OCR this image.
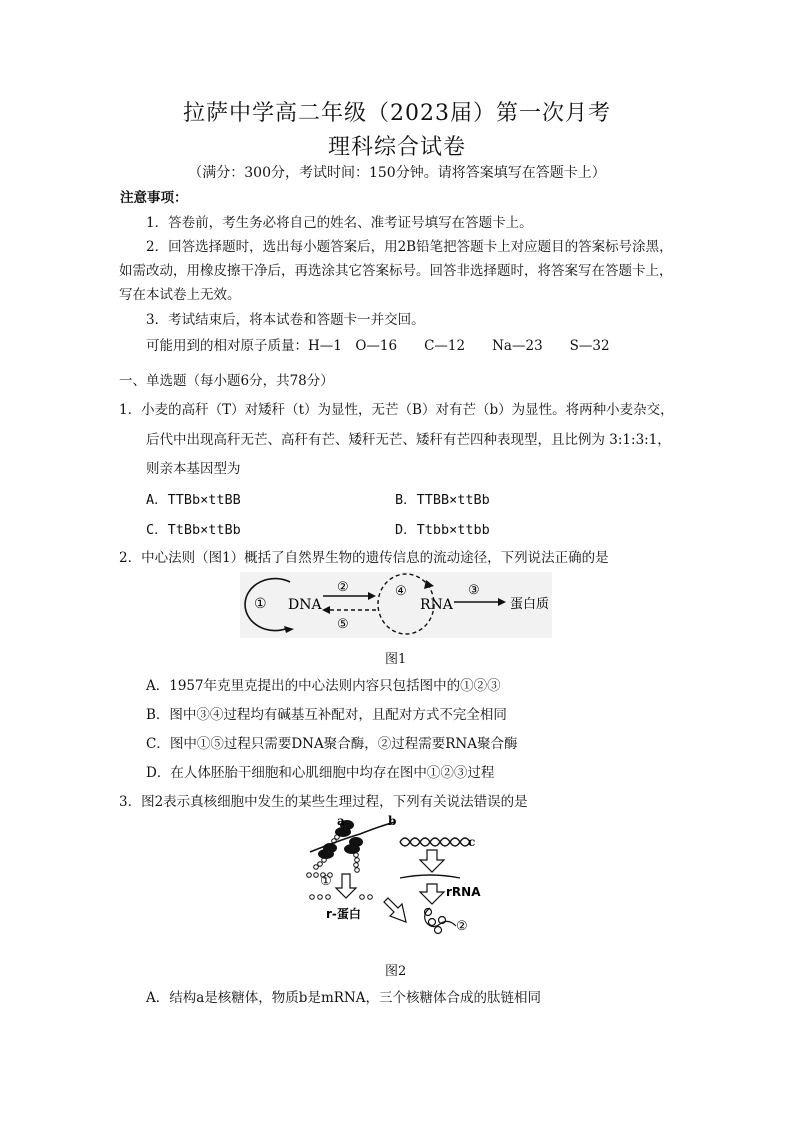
拉萨中学高二年级（2023届）第一次月考
理科综合试卷
（满分：300分，考试时间：150分钟。请将答案填写在答题卡上）
注意事项：
1．答卷前，考生务必将自己的姓名、准考证号填写在答题卡上。
2．回答选择题时，选出每小题答案后，用2B铅笔把答题卡上对应题目的答案标号涂黑，
如需改动，用橡皮擦干净后，再选涂其它答案标号。回答非选择题时，将答案写在答题卡上，
写在本试卷上无效。
3．考试结束后，将本试卷和答题卡一并交回。
可能用到的相对原子质量：H—1　O—16　　C—12　　Na—23　　S—32
一、单选题（每小题6分，共78分）
1．小麦的高秆（T）对矮秆（t）为显性，无芒（B）对有芒（b）为显性。将两种小麦杂交，
后代中出现高秆无芒、高秆有芒、矮秆无芒、矮秆有芒四种表现型，且比例为 3:1:3:1，
则亲本基因型为
A．TTBb×ttBB	B．TTBB×ttBb
C．TtBb×ttBb	D．Ttbb×ttbb
2．中心法则（图1）概括了自然界生物的遗传信息的流动途径，下列说法正确的是
① DNA
②
⑤
④
RNA
③
蛋白质
图1
A．1957年克里克提出的中心法则内容只包括图中的①②③
B．图中③④过程均有碱基互补配对，且配对方式不完全相同
C．图中①⑤过程只需要DNA聚合酶，②过程需要RNA聚合酶
D．在人体胚胎干细胞和心肌细胞中均存在图中①②③过程
3．图2表示真核细胞中发生的某些生理过程，下列有关说法错误的是
a	b
c
①
rRNA
②
r-蛋白
图2
A．结构a是核糖体，物质b是mRNA，三个核糖体合成的肽链相同
